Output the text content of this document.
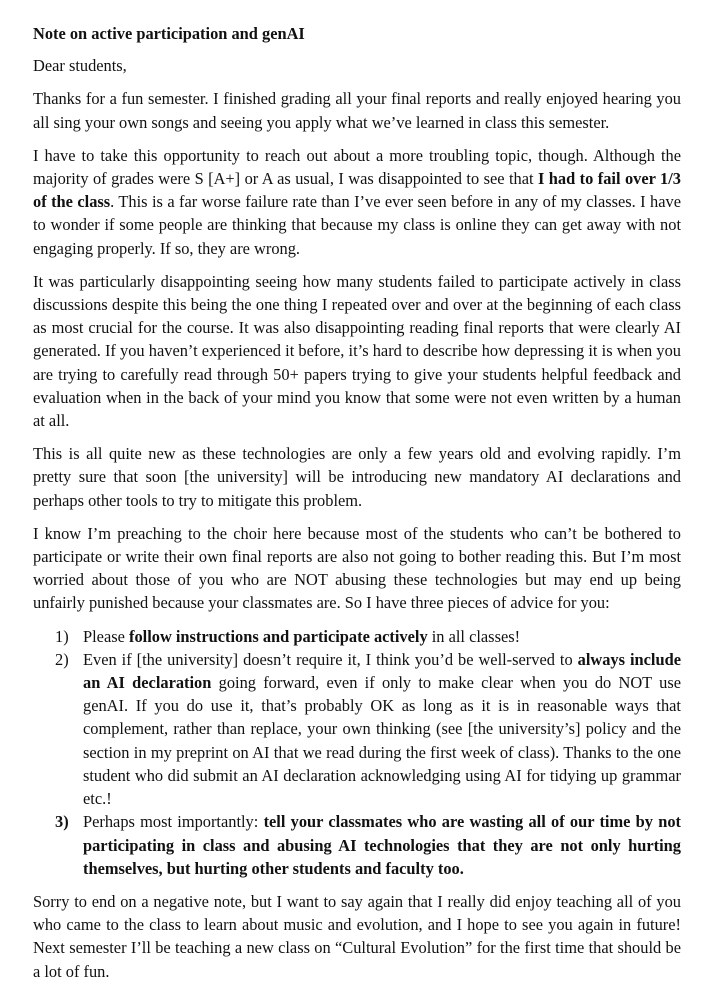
Note on active participation and genAI

Dear students,

Thanks for a fun semester. I finished grading all your final reports and really enjoyed hearing you all sing your own songs and seeing you apply what we’ve learned in class this semester.

I have to take this opportunity to reach out about a more troubling topic, though. Although the majority of grades were S [A+] or A as usual, I was disappointed to see that I had to fail over 1/3 of the class. This is a far worse failure rate than I’ve ever seen before in any of my classes. I have to wonder if some people are thinking that because my class is online they can get away with not engaging properly. If so, they are wrong.

It was particularly disappointing seeing how many students failed to participate actively in class discussions despite this being the one thing I repeated over and over at the beginning of each class as most crucial for the course. It was also disappointing reading final reports that were clearly AI generated. If you haven’t experienced it before, it’s hard to describe how depressing it is when you are trying to carefully read through 50+ papers trying to give your students helpful feedback and evaluation when in the back of your mind you know that some were not even written by a human at all.

This is all quite new as these technologies are only a few years old and evolving rapidly. I’m pretty sure that soon [the university] will be introducing new mandatory AI declarations and perhaps other tools to try to mitigate this problem.

I know I’m preaching to the choir here because most of the students who can’t be bothered to participate or write their own final reports are also not going to bother reading this. But I’m most worried about those of you who are NOT abusing these technologies but may end up being unfairly punished because your classmates are. So I have three pieces of advice for you:

1) Please follow instructions and participate actively in all classes!
2) Even if [the university] doesn’t require it, I think you’d be well-served to always include an AI declaration going forward, even if only to make clear when you do NOT use genAI. If you do use it, that’s probably OK as long as it is in reasonable ways that complement, rather than replace, your own thinking (see [the university’s] policy and the section in my preprint on AI that we read during the first week of class). Thanks to the one student who did submit an AI declaration acknowledging using AI for tidying up grammar etc.!
3) Perhaps most importantly: tell your classmates who are wasting all of our time by not participating in class and abusing AI technologies that they are not only hurting themselves, but hurting other students and faculty too.

Sorry to end on a negative note, but I want to say again that I really did enjoy teaching all of you who came to the class to learn about music and evolution, and I hope to see you again in future! Next semester I’ll be teaching a new class on “Cultural Evolution” for the first time that should be a lot of fun.
